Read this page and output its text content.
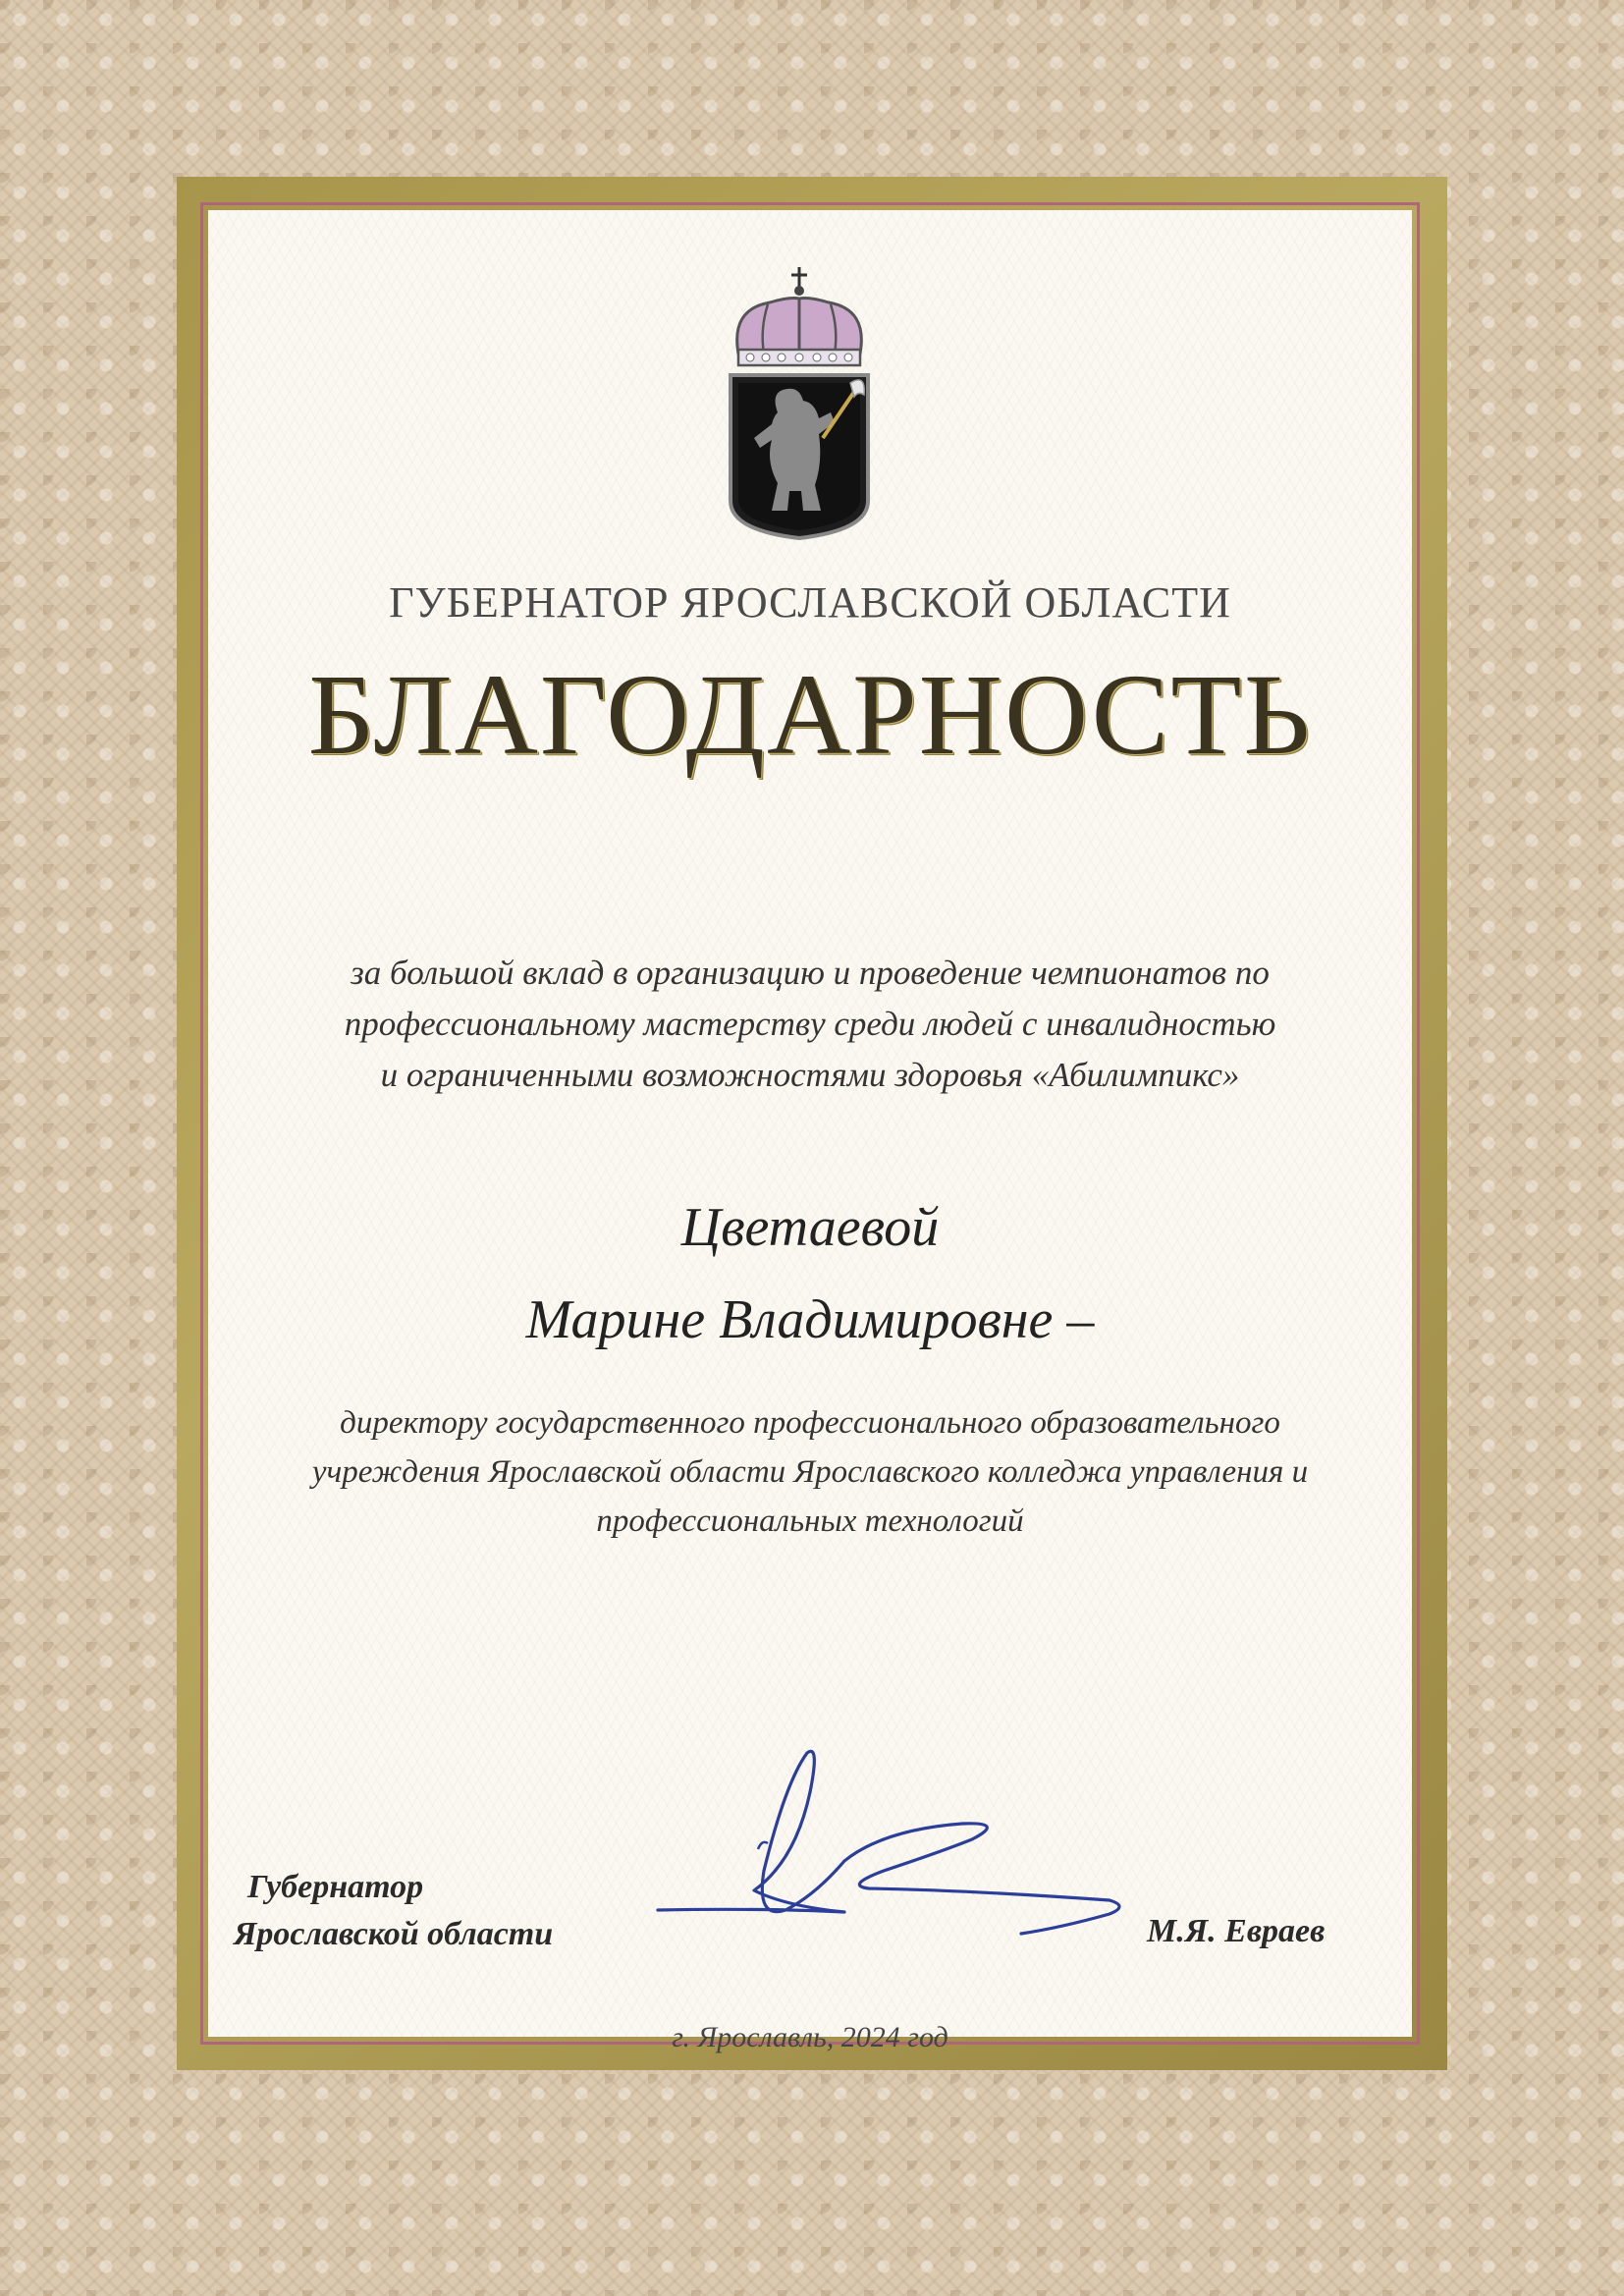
ГУБЕРНАТОР ЯРОСЛАВСКОЙ ОБЛАСТИ
БЛАГОДАРНОСТЬ
за большой вклад в организацию и проведение чемпионатов по
профессиональному мастерству среди людей с инвалидностью
и ограниченными возможностями здоровья «Абилимпикс»
Цветаевой
Марине Владимировне –
директору государственного профессионального образовательного
учреждения Ярославской области Ярославского колледжа управления и
профессиональных технологий
Губернатор
Ярославской области	М.Я. Евраев
г. Ярославль, 2024 год
